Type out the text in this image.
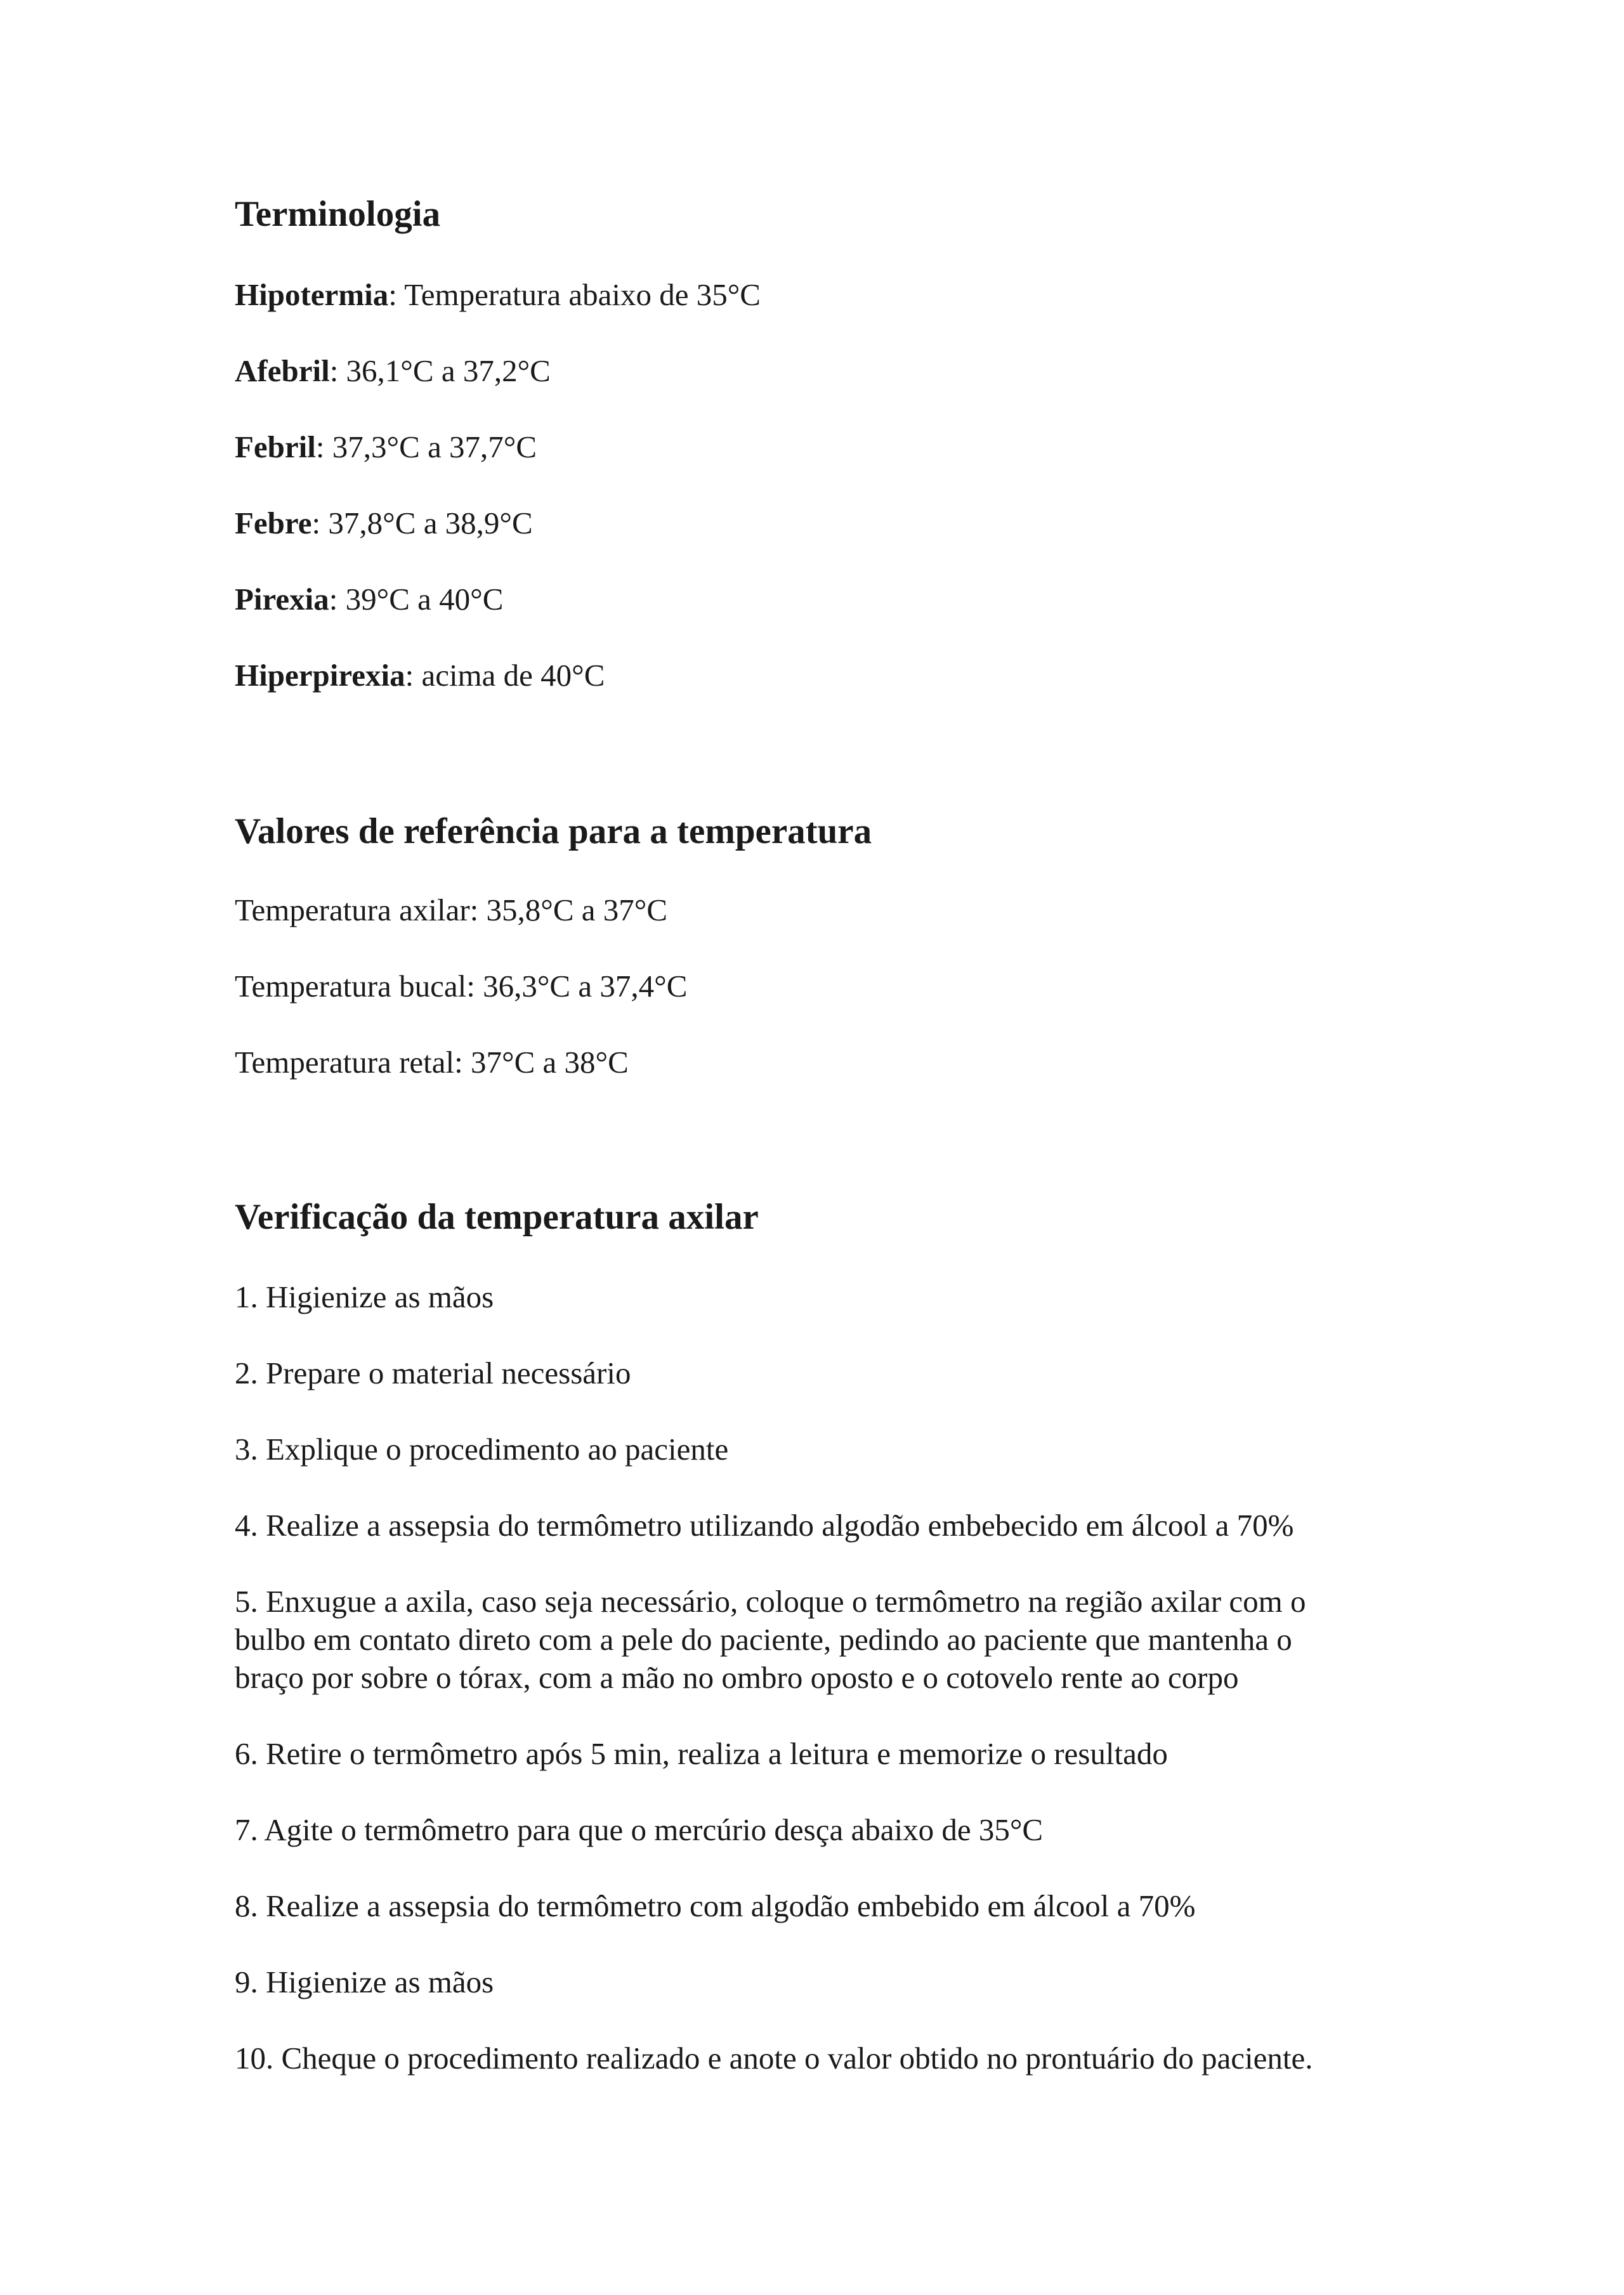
Terminologia

Hipotermia: Temperatura abaixo de 35°C

Afebril: 36,1°C a 37,2°C

Febril: 37,3°C a 37,7°C

Febre: 37,8°C a 38,9°C

Pirexia: 39°C a 40°C

Hiperpirexia: acima de 40°C

Valores de referência para a temperatura

Temperatura axilar: 35,8°C a 37°C

Temperatura bucal: 36,3°C a 37,4°C

Temperatura retal: 37°C a 38°C

Verificação da temperatura axilar

1. Higienize as mãos

2. Prepare o material necessário

3. Explique o procedimento ao paciente

4. Realize a assepsia do termômetro utilizando algodão embebecido em álcool a 70%

5. Enxugue a axila, caso seja necessário, coloque o termômetro na região axilar com o

bulbo em contato direto com a pele do paciente, pedindo ao paciente que mantenha o

braço por sobre o tórax, com a mão no ombro oposto e o cotovelo rente ao corpo

6. Retire o termômetro após 5 min, realiza a leitura e memorize o resultado

7. Agite o termômetro para que o mercúrio desça abaixo de 35°C

8. Realize a assepsia do termômetro com algodão embebido em álcool a 70%

9. Higienize as mãos

10. Cheque o procedimento realizado e anote o valor obtido no prontuário do paciente.
